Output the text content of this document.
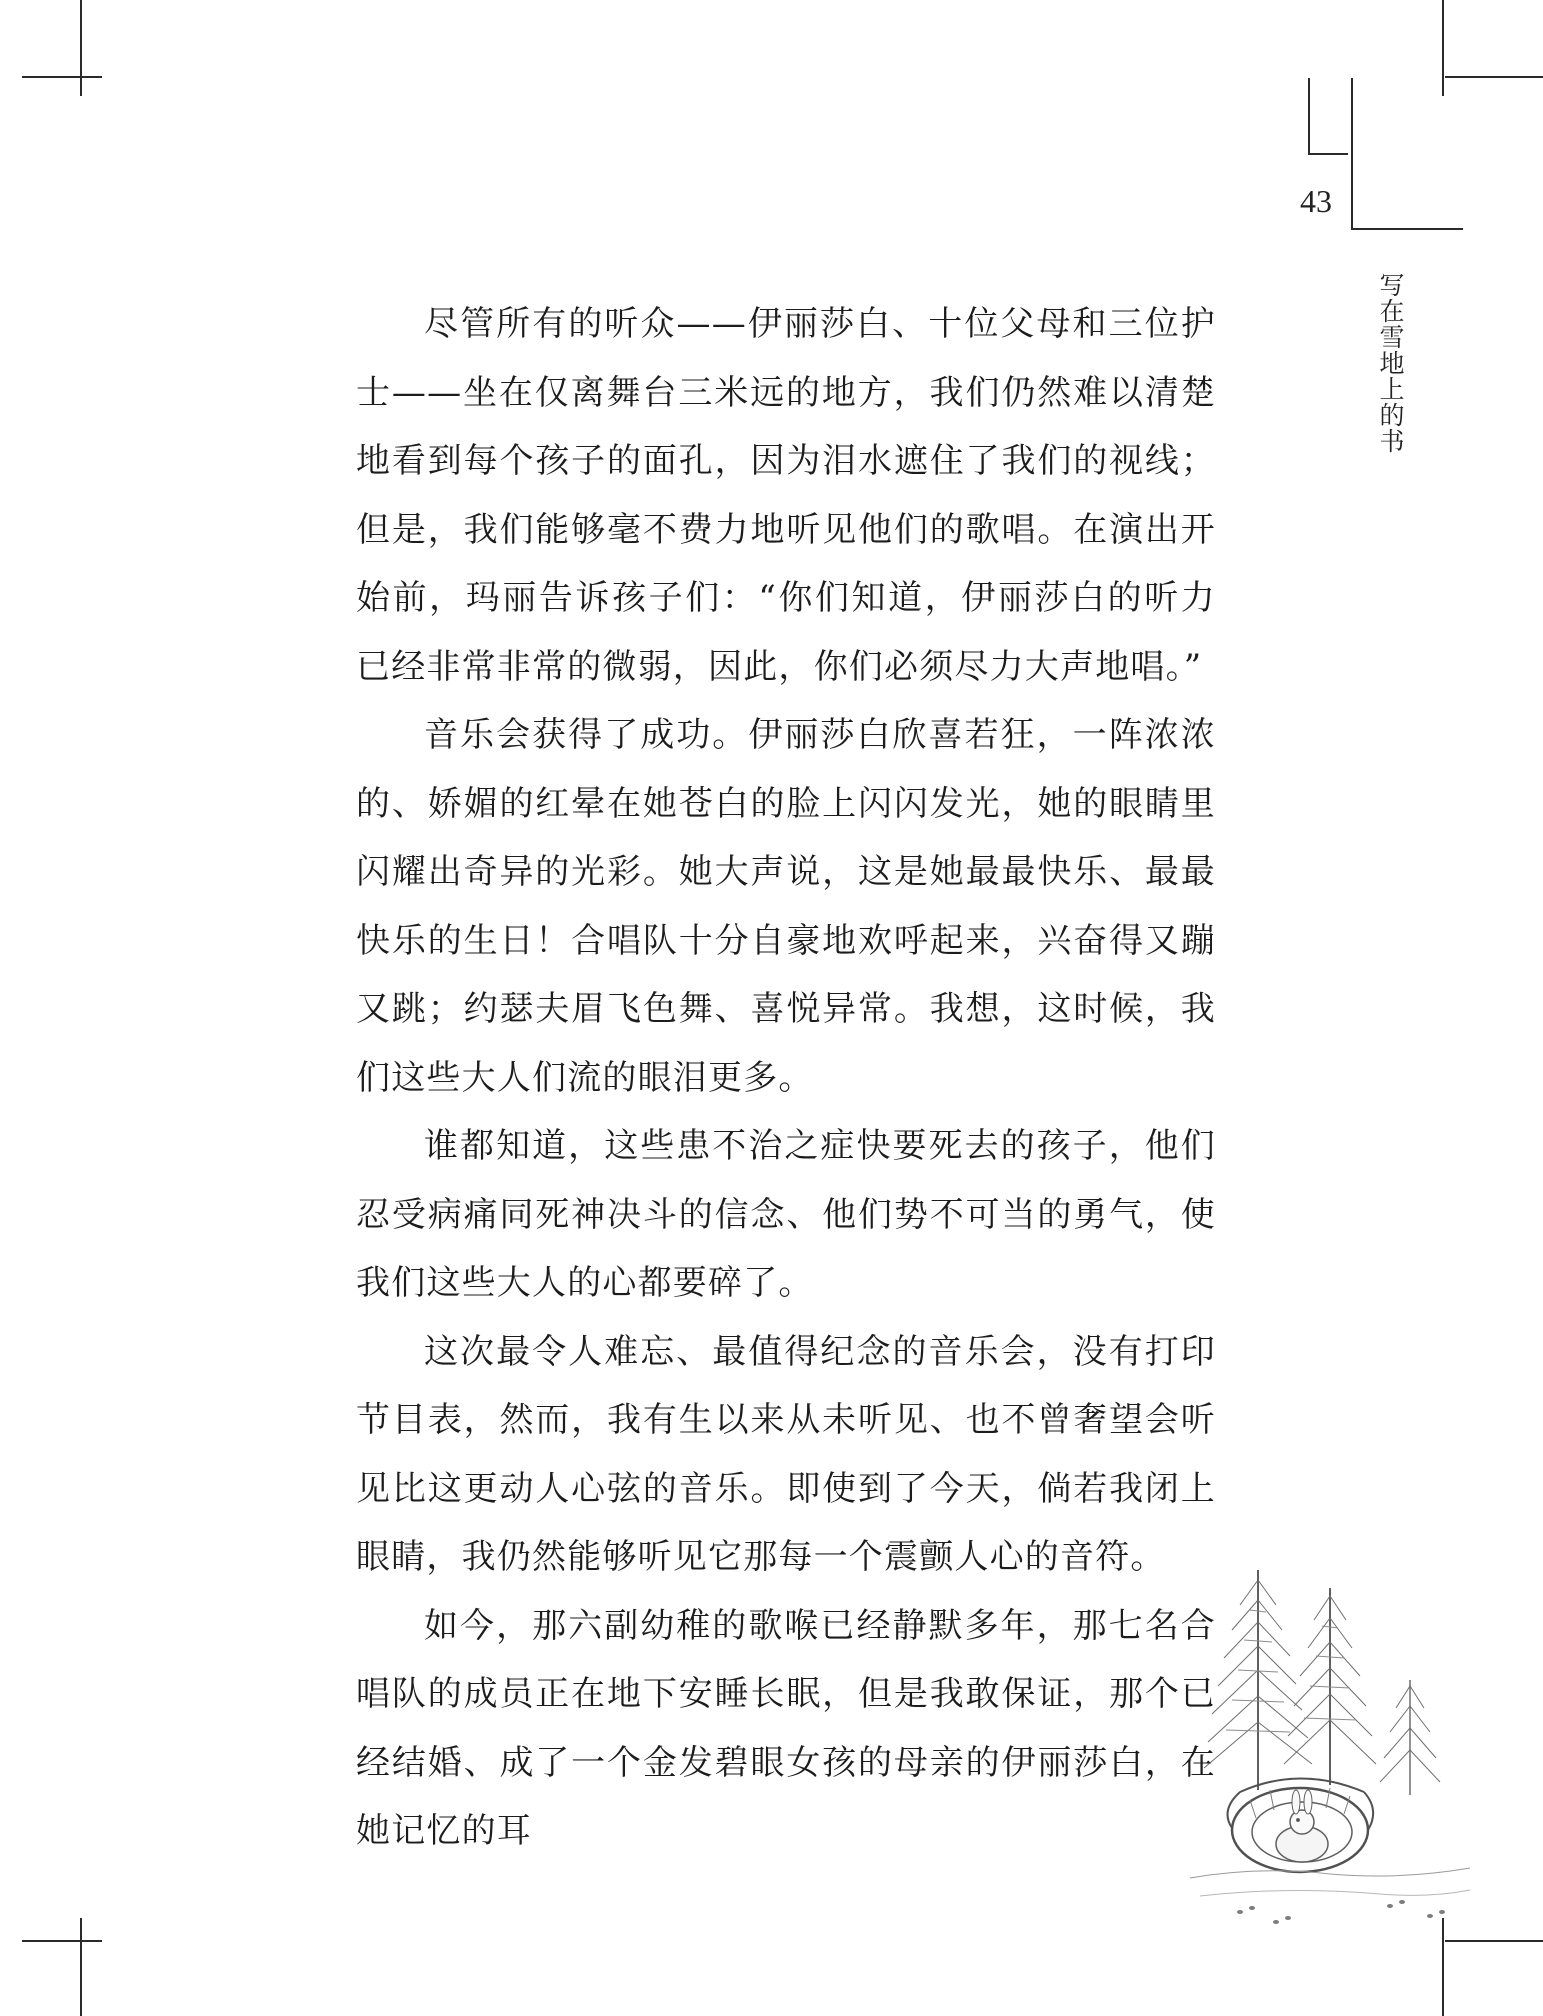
43
写在雪地上的书

尽管所有的听众——伊丽莎白、十位父母和三位护士——坐在仅离舞台三米远的地方，我们仍然难以清楚地看到每个孩子的面孔，因为泪水遮住了我们的视线；但是，我们能够毫不费力地听见他们的歌唱。在演出开始前，玛丽告诉孩子们：“你们知道，伊丽莎白的听力已经非常非常的微弱，因此，你们必须尽力大声地唱。”

音乐会获得了成功。伊丽莎白欣喜若狂，一阵浓浓的、娇媚的红晕在她苍白的脸上闪闪发光，她的眼睛里闪耀出奇异的光彩。她大声说，这是她最最快乐、最最快乐的生日！合唱队十分自豪地欢呼起来，兴奋得又蹦又跳；约瑟夫眉飞色舞、喜悦异常。我想，这时候，我们这些大人们流的眼泪更多。

谁都知道，这些患不治之症快要死去的孩子，他们忍受病痛同死神决斗的信念、他们势不可当的勇气，使我们这些大人的心都要碎了。

这次最令人难忘、最值得纪念的音乐会，没有打印节目表，然而，我有生以来从未听见、也不曾奢望会听见比这更动人心弦的音乐。即使到了今天，倘若我闭上眼睛，我仍然能够听见它那每一个震颤人心的音符。

如今，那六副幼稚的歌喉已经静默多年，那七名合唱队的成员正在地下安睡长眠，但是我敢保证，那个已经结婚、成了一个金发碧眼女孩的母亲的伊丽莎白，在她记忆的耳
